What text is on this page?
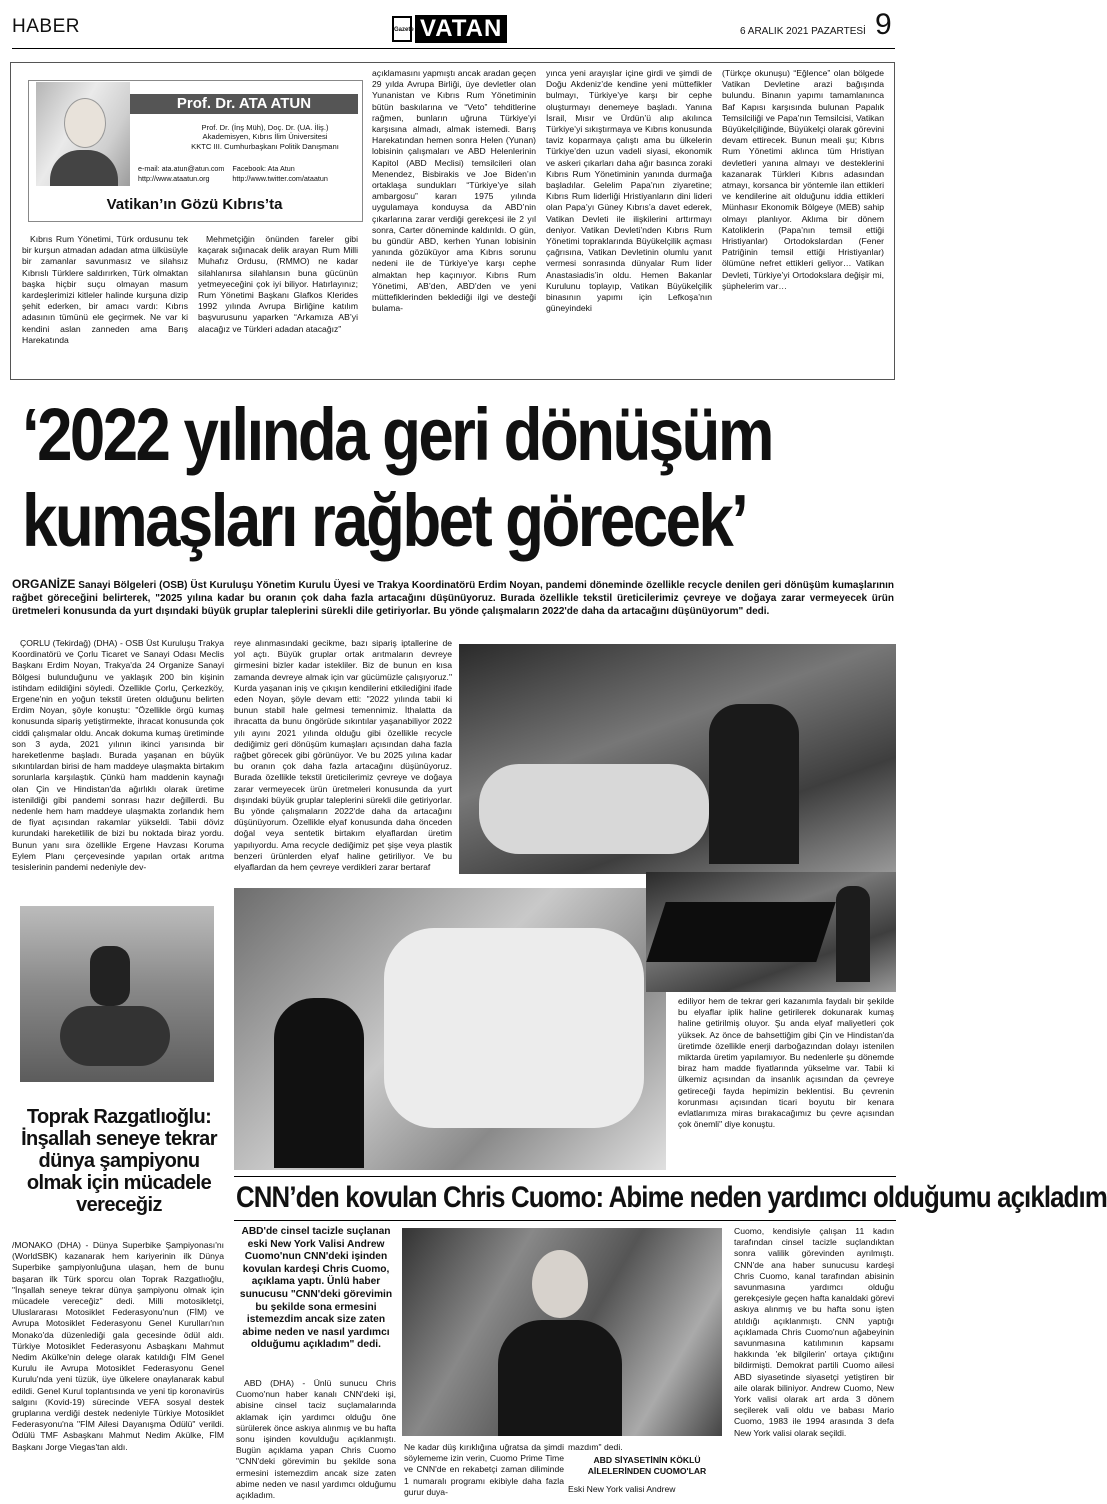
HABER	Gazete VATAN	6 ARALIK 2021 PAZARTESİ 9
Prof. Dr. ATA ATUN
Prof. Dr. (İnş Müh), Doç. Dr. (UA. İliş.)
Akademisyen, Kıbrıs İlim Üniversitesi
KKTC III. Cumhurbaşkanı Politik Danışmanı
e-mail: ata.atun@atun.com
http://www.ataatun.org
Facebook: Ata Atun
http://www.twitter.com/ataatun
Vatikan’ın Gözü Kıbrıs’ta
Kıbrıs Rum Yönetimi, Türk ordusunu tek bir kurşun atmadan adadan atma ülküsüyle bir zamanlar savunmasız ve silahsız Kıbrıslı Türklere saldırırken, Türk olmaktan başka hiçbir suçu olmayan masum kardeşlerimizi kitleler halinde kurşuna dizip şehit ederken, bir amacı vardı: Kıbrıs adasının tümünü ele geçirmek. Ne var ki kendini aslan zanneden ama Barış Harekatında
Mehmetçiğin önünden fareler gibi kaçarak sığınacak delik arayan Rum Milli Muhafız Ordusu, (RMMO) ne kadar silahlanırsa silahlansın buna gücünün yetmeyeceğini çok iyi biliyor. Hatırlayınız; Rum Yönetimi Başkanı Glafkos Klerides 1992 yılında Avrupa Birliğine katılım başvurusunu yaparken “Arkamıza AB’yi alacağız ve Türkleri adadan atacağız”
açıklamasını yapmıştı ancak aradan geçen 29 yılda Avrupa Birliği, üye devletler olan Yunanistan ve Kıbrıs Rum Yönetiminin bütün baskılarına ve “Veto” tehditlerine rağmen, bunların uğruna Türkiye’yi karşısına almadı, almak istemedi. Barış Harekatından hemen sonra Helen (Yunan) lobisinin çalışmaları ve ABD Helenlerinin Kapitol (ABD Meclisi) temsilcileri olan Menendez, Bisbirakis ve Joe Biden’ın ortaklaşa sundukları “Türkiye’ye silah ambargosu” kararı 1975 yılında uygulamaya konduysa da ABD’nin çıkarlarına zarar verdiği gerekçesi ile 2 yıl sonra, Carter döneminde kaldırıldı. O gün, bu gündür ABD, kerhen Yunan lobisinin yanında gözüküyor ama Kıbrıs sorunu nedeni ile de Türkiye’ye karşı cephe almaktan hep kaçınıyor. Kıbrıs Rum Yönetimi, AB’den, ABD’den ve yeni müttefiklerinden beklediği ilgi ve desteği bulama-
yınca yeni arayışlar içine girdi ve şimdi de Doğu Akdeniz’de kendine yeni müttefikler bulmayı, Türkiye’ye karşı bir cephe oluşturmayı denemeye başladı. Yanına İsrail, Mısır ve Ürdün’ü alıp akılınca Türkiye’yi sıkıştırmaya ve Kıbrıs konusunda taviz koparmaya çalıştı ama bu ülkelerin Türkiye’den uzun vadeli siyasi, ekonomik ve askeri çıkarları daha ağır basınca zoraki Kıbrıs Rum Yönetiminin yanında durmağa başladılar. Gelelim Papa’nın ziyaretine; Kıbrıs Rum liderliği Hristiyanların dini lideri olan Papa’yı Güney Kıbrıs’a davet ederek, Vatikan Devleti ile ilişkilerini arttırmayı deniyor. Vatikan Devleti’nden Kıbrıs Rum Yönetimi topraklarında Büyükelçilik açması çağrısına, Vatikan Devletinin olumlu yanıt vermesi sonrasında dünyalar Rum lider Anastasiadis’in oldu. Hemen Bakanlar Kurulunu toplayıp, Vatikan Büyükelçilik binasının yapımı için Lefkoşa’nın güneyindeki
(Türkçe okunuşu) “Eğlence” olan bölgede Vatikan Devletine arazi bağışında bulundu. Binanın yapımı tamamlanınca Baf Kapısı karşısında bulunan Papalık Temsilciliği ve Papa’nın Temsilcisi, Vatikan Büyükelçiliğinde, Büyükelçi olarak görevini devam ettirecek. Bunun meali şu; Kıbrıs Rum Yönetimi aklınca tüm Hristiyan devletleri yanına almayı ve desteklerini kazanarak Türkleri Kıbrıs adasından atmayı, korsanca bir yöntemle ilan ettikleri ve kendilerine ait olduğunu iddia ettikleri Münhasır Ekonomik Bölgeye (MEB) sahip olmayı planlıyor. Aklıma bir dönem Katoliklerin (Papa’nın temsil ettiği Hristiyanlar) Ortodokslardan (Fener Patriğinin temsil ettiği Hristiyanlar) ölümüne nefret ettikleri geliyor… Vatikan Devleti, Türkiye’yi Ortodokslara değişir mi, şüphelerim var…
‘2022 yılında geri dönüşüm
kumaşları rağbet görecek’
ORGANİZE Sanayi Bölgeleri (OSB) Üst Kuruluşu Yönetim Kurulu Üyesi ve Trakya Koordinatörü Erdim Noyan, pandemi döneminde özellikle recycle denilen geri dönüşüm kumaşlarının rağbet göreceğini belirterek, "2025 yılına kadar bu oranın çok daha fazla artacağını düşünüyoruz. Burada özellikle tekstil üreticilerimiz çevreye ve doğaya zarar vermeyecek ürün üretmeleri konusunda da yurt dışındaki büyük gruplar taleplerini sürekli dile getiriyorlar. Bu yönde çalışmaların 2022'de daha da artacağını düşünüyorum" dedi.
ÇORLU (Tekirdağ) (DHA) - OSB Üst Kuruluşu Trakya Koordinatörü ve Çorlu Ticaret ve Sanayi Odası Meclis Başkanı Erdim Noyan, Trakya'da 24 Organize Sanayi Bölgesi bulunduğunu ve yaklaşık 200 bin kişinin istihdam edildiğini söyledi. Özellikle Çorlu, Çerkezköy, Ergene'nin en yoğun tekstil üreten olduğunu belirten Erdim Noyan, şöyle konuştu: "Özellikle örgü kumaş konusunda sipariş yetiştirmekte, ihracat konusunda çok ciddi çalışmalar oldu. Ancak dokuma kumaş üretiminde son 3 ayda, 2021 yılının ikinci yarısında bir hareketlenme başladı. Burada yaşanan en büyük sıkıntılardan birisi de ham maddeye ulaşmakta birtakım sorunlarla karşılaştık. Çünkü ham maddenin kaynağı olan Çin ve Hindistan'da ağırlıklı olarak üretime istenildiği gibi pandemi sonrası hazır değillerdi. Bu nedenle hem ham maddeye ulaşmakta zorlandık hem de fiyat açısından rakamlar yükseldi. Tabii döviz kurundaki hareketlilik de bizi bu noktada biraz yordu. Bunun yanı sıra özellikle Ergene Havzası Koruma Eylem Planı çerçevesinde yapılan ortak arıtma tesislerinin pandemi nedeniyle dev-
reye alınmasındaki gecikme, bazı sipariş iptallerine de yol açtı. Büyük gruplar ortak arıtmaların devreye girmesini bizler kadar istekliler. Biz de bunun en kısa zamanda devreye almak için var gücümüzle çalışıyoruz." Kurda yaşanan iniş ve çıkışın kendilerini etkilediğini ifade eden Noyan, şöyle devam etti: "2022 yılında tabii ki bunun stabil hale gelmesi temennimiz. İthalatta da ihracatta da bunu öngörüde sıkıntılar yaşanabiliyor 2022 yılı ayını 2021 yılında olduğu gibi özellikle recycle dediğimiz geri dönüşüm kumaşları açısından daha fazla rağbet görecek gibi görünüyor. Ve bu 2025 yılına kadar bu oranın çok daha fazla artacağını düşünüyoruz. Burada özellikle tekstil üreticilerimiz çevreye ve doğaya zarar vermeyecek ürün üretmeleri konusunda da yurt dışındaki büyük gruplar taleplerini sürekli dile getiriyorlar. Bu yönde çalışmaların 2022'de daha da artacağını düşünüyorum. Özellikle elyaf konusunda daha önceden doğal veya sentetik birtakım elyaflardan üretim yapılıyordu. Ama recycle dediğimiz pet şişe veya plastik benzeri ürünlerden elyaf haline getiriliyor. Ve bu elyaflardan da hem çevreye verdikleri zarar bertaraf
ediliyor hem de tekrar geri kazanımla faydalı bir şekilde bu elyaflar iplik haline getirilerek dokunarak kumaş haline getirilmiş oluyor. Şu anda elyaf maliyetleri çok yüksek. Az önce de bahsettiğim gibi Çin ve Hindistan'da üretimde özellikle enerji darboğazından dolayı istenilen miktarda üretim yapılamıyor. Bu nedenlerle şu dönemde biraz ham madde fiyatlarında yükselme var. Tabii ki ülkemiz açısından da insanlık açısından da çevreye getireceği fayda hepimizin beklentisi. Bu çevrenin korunması açısından ticari boyutu bir kenara evlatlarımıza miras bırakacağımız bu çevre açısından çok önemli" diye konuştu.
Toprak Razgatlıoğlu: İnşallah seneye tekrar dünya şampiyonu olmak için mücadele vereceğiz
/MONAKO (DHA) - Dünya Superbike Şampiyonası'nı (WorldSBK) kazanarak hem kariyerinin ilk Dünya Superbike şampiyonluğuna ulaşan, hem de bunu başaran ilk Türk sporcu olan Toprak Razgatlıoğlu, "İnşallah seneye tekrar dünya şampiyonu olmak için mücadele vereceğiz" dedi. Milli motosikletçi, Uluslararası Motosiklet Federasyonu'nun (FİM) ve Avrupa Motosiklet Federasyonu Genel Kurulları'nın Monako'da düzenlediği gala gecesinde ödül aldı. Türkiye Motosiklet Federasyonu Asbaşkanı Mahmut Nedim Akülke'nin delege olarak katıldığı FİM Genel Kurulu ile Avrupa Motosiklet Federasyonu Genel Kurulu'nda yeni tüzük, üye ülkelere onaylanarak kabul edildi. Genel Kurul toplantısında ve yeni tip koronavirüs salgını (Kovid-19) sürecinde VEFA sosyal destek gruplarına verdiği destek nedeniyle Türkiye Motosiklet Federasyonu'na "FİM Ailesi Dayanışma Ödülü" verildi. Ödülü TMF Asbaşkanı Mahmut Nedim Akülke, FİM Başkanı Jorge Viegas'tan aldı.
CNN’den kovulan Chris Cuomo: Abime neden yardımcı olduğumu açıkladım
ABD'de cinsel tacizle suçlanan eski New York Valisi Andrew Cuomo'nun CNN'deki işinden kovulan kardeşi Chris Cuomo, açıklama yaptı. Ünlü haber sunucusu "CNN'deki görevimin bu şekilde sona ermesini istemezdim ancak size zaten abime neden ve nasıl yardımcı olduğumu açıkladım" dedi.
ABD (DHA) - Ünlü sunucu Chris Cuomo'nun haber kanalı CNN'deki işi, abisine cinsel taciz suçlamalarında aklamak için yardımcı olduğu öne sürülerek önce askıya alınmış ve bu hafta sonu işinden kovulduğu açıklanmıştı. Bugün açıklama yapan Chris Cuomo "CNN'deki görevimin bu şekilde sona ermesini istemezdim ancak size zaten abime neden ve nasıl yardımcı olduğumu açıkladım.
Ne kadar düş kırıklığına uğratsa da şimdi söylememe izin verin, Cuomo Prime Time ve CNN'de en rekabetçi zaman diliminde 1 numaralı programı ekibiyle daha fazla gurur duya-
mazdım" dedi.
ABD SİYASETİNİN KÖKLÜ AİLELERİNDEN CUOMO'LAR
Eski New York valisi Andrew
Cuomo, kendisiyle çalışan 11 kadın tarafından cinsel tacizle suçlandıktan sonra valilik görevinden ayrılmıştı. CNN'de ana haber sunucusu kardeşi Chris Cuomo, kanal tarafından abisinin savunmasına yardımcı olduğu gerekçesiyle geçen hafta kanaldaki görevi askıya alınmış ve bu hafta sonu işten atıldığı açıklanmıştı. CNN yaptığı açıklamada Chris Cuomo'nun ağabeyinin savunmasına katılımının kapsamı hakkında 'ek bilgilerin' ortaya çıktığını bildirmişti. Demokrat partili Cuomo ailesi ABD siyasetinde siyasetçi yetiştiren bir aile olarak biliniyor. Andrew Cuomo, New York valisi olarak art arda 3 dönem seçilerek vali oldu ve babası Mario Cuomo, 1983 ile 1994 arasında 3 defa New York valisi olarak seçildi.
